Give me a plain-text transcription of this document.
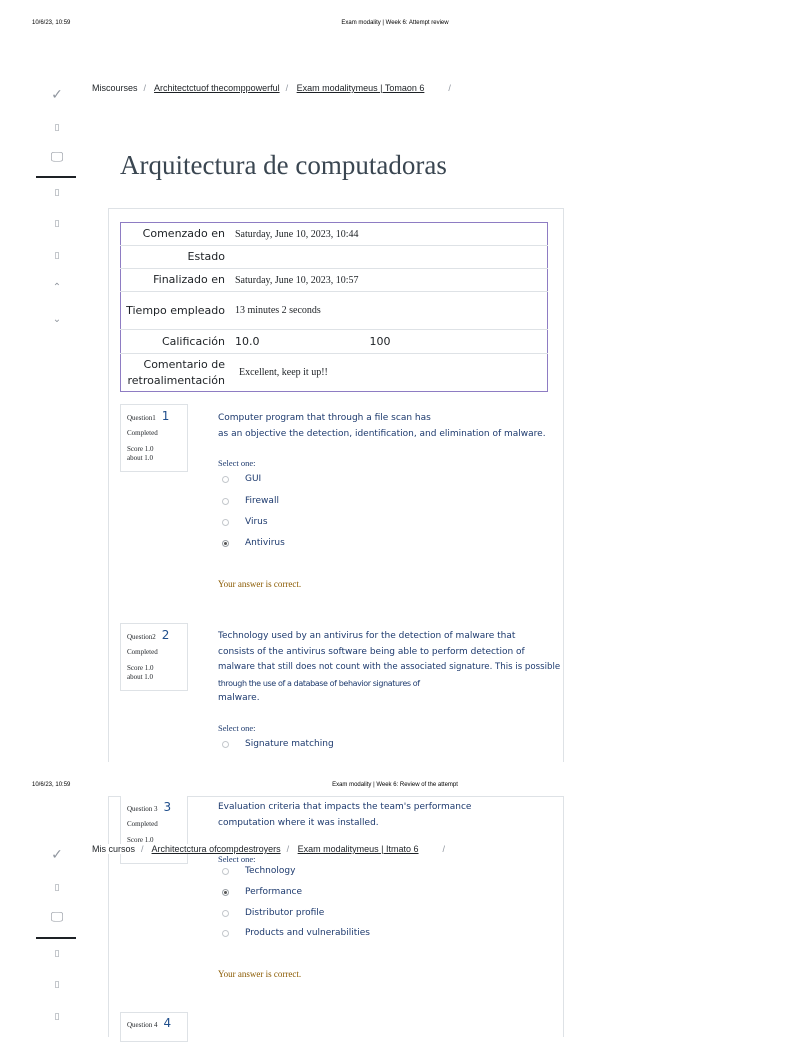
10/6/23, 10:59	Exam modality | Week 6: Attempt review
✓
▯
🖵
▯
▯
▯
⌃
⌄
Miscourses / Architectctuof thecomppowerful / Exam modalitymeus | Tomaon 6	/
Arquitectura de computadoras
Comenzado en	Saturday, June 10, 2023, 10:44
Estado	
Finalizado en	Saturday, June 10, 2023, 10:57
Tiempo empleado	13 minutes 2 seconds
Calificación	10.0 100
Comentario de retroalimentación	Excellent, keep it up!!
Question1 1
Completed
Score 1.0
about 1.0
Computer program that through a file scan has
as an objective the detection, identification, and elimination of malware.
Select one:
GUI
Firewall
Virus
Antivirus
Your answer is correct.
Question2 2
Completed
Score 1.0
about 1.0
Technology used by an antivirus for the detection of malware that
consists of the antivirus software being able to perform detection of
malware that still does not count with the associated signature. This is possible
through the use of a database of behavior signatures of
malware.
Select one:
Signature matching
10/6/23, 10:59	Exam modality | Week 6: Review of the attempt
Question 3 3
Completed
Score 1.0
Evaluation criteria that impacts the team's performance
computation where it was installed.
✓
▯
🖵
▯
▯
▯
Mis cursos / Architectctura ofcompdestroyers / Exam modalitymeus | Itmato 6	/
Select one:
Technology
Performance
Distributor profile
Products and vulnerabilities
Your answer is correct.
Question 4 4
